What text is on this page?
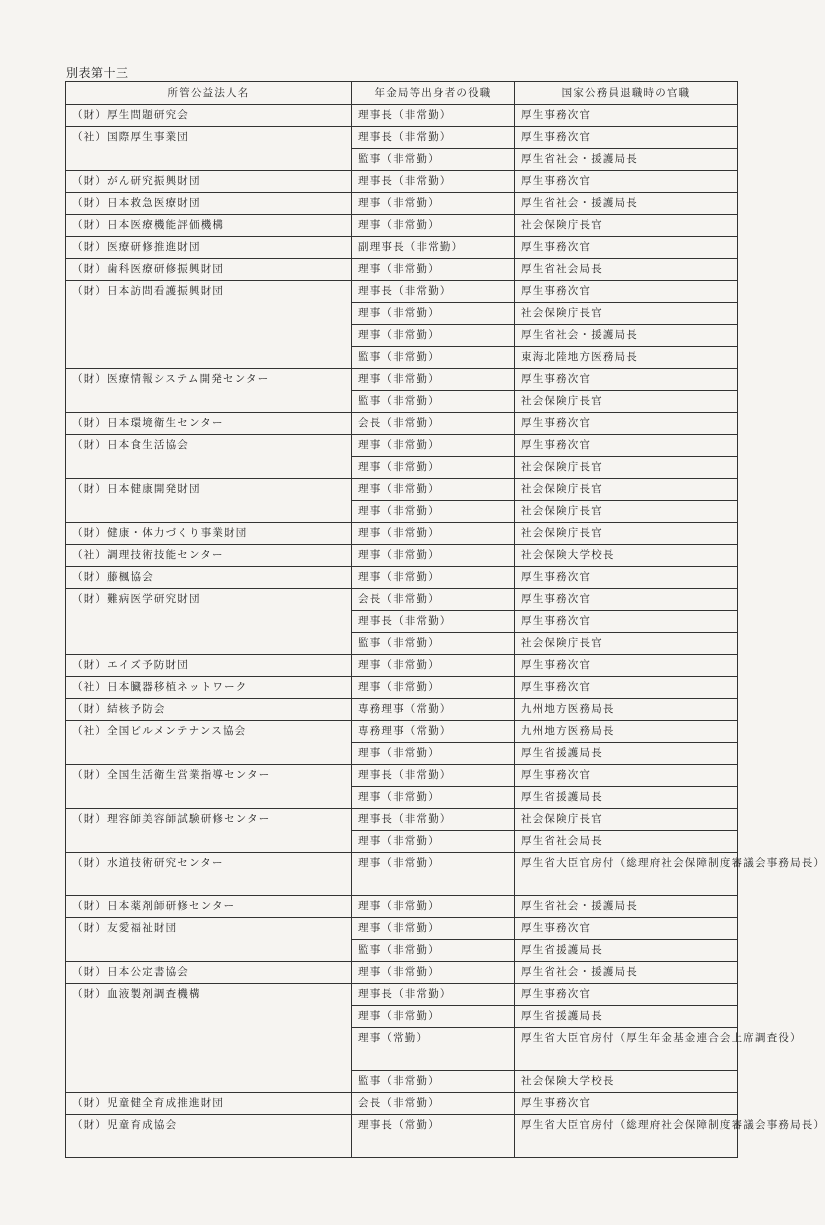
別表第十三
所管公益法人名	年金局等出身者の役職	国家公務員退職時の官職
（財）厚生問題研究会	理事長（非常勤）	厚生事務次官
（社）国際厚生事業団	理事長（非常勤）	厚生事務次官
	監事（非常勤）	厚生省社会・援護局長
（財）がん研究振興財団	理事長（非常勤）	厚生事務次官
（財）日本救急医療財団	理事（非常勤）	厚生省社会・援護局長
（財）日本医療機能評価機構	理事（非常勤）	社会保険庁長官
（財）医療研修推進財団	副理事長（非常勤）	厚生事務次官
（財）歯科医療研修振興財団	理事（非常勤）	厚生省社会局長
（財）日本訪問看護振興財団	理事長（非常勤）	厚生事務次官
	理事（非常勤）	社会保険庁長官
	理事（非常勤）	厚生省社会・援護局長
	監事（非常勤）	東海北陸地方医務局長
（財）医療情報システム開発センター	理事（非常勤）	厚生事務次官
	監事（非常勤）	社会保険庁長官
（財）日本環境衛生センター	会長（非常勤）	厚生事務次官
（財）日本食生活協会	理事（非常勤）	厚生事務次官
	理事（非常勤）	社会保険庁長官
（財）日本健康開発財団	理事（非常勤）	社会保険庁長官
	理事（非常勤）	社会保険庁長官
（財）健康・体力づくり事業財団	理事（非常勤）	社会保険庁長官
（社）調理技術技能センター	理事（非常勤）	社会保険大学校長
（財）藤楓協会	理事（非常勤）	厚生事務次官
（財）難病医学研究財団	会長（非常勤）	厚生事務次官
	理事長（非常勤）	厚生事務次官
	監事（非常勤）	社会保険庁長官
（財）エイズ予防財団	理事（非常勤）	厚生事務次官
（社）日本臓器移植ネットワーク	理事（非常勤）	厚生事務次官
（財）結核予防会	専務理事（常勤）	九州地方医務局長
（社）全国ビルメンテナンス協会	専務理事（常勤）	九州地方医務局長
	理事（非常勤）	厚生省援護局長
（財）全国生活衛生営業指導センター	理事長（非常勤）	厚生事務次官
	理事（非常勤）	厚生省援護局長
（財）理容師美容師試験研修センター	理事長（非常勤）	社会保険庁長官
	理事（非常勤）	厚生省社会局長
（財）水道技術研究センター	理事（非常勤）	厚生省大臣官房付（総理府社会保障制度審議会事務局長）
（財）日本薬剤師研修センター	理事（非常勤）	厚生省社会・援護局長
（財）友愛福祉財団	理事（非常勤）	厚生事務次官
	監事（非常勤）	厚生省援護局長
（財）日本公定書協会	理事（非常勤）	厚生省社会・援護局長
（財）血液製剤調査機構	理事長（非常勤）	厚生事務次官
	理事（非常勤）	厚生省援護局長
	理事（常勤）	厚生省大臣官房付（厚生年金基金連合会上席調査役）
	監事（非常勤）	社会保険大学校長
（財）児童健全育成推進財団	会長（非常勤）	厚生事務次官
（財）児童育成協会	理事長（常勤）	厚生省大臣官房付（総理府社会保障制度審議会事務局長）
